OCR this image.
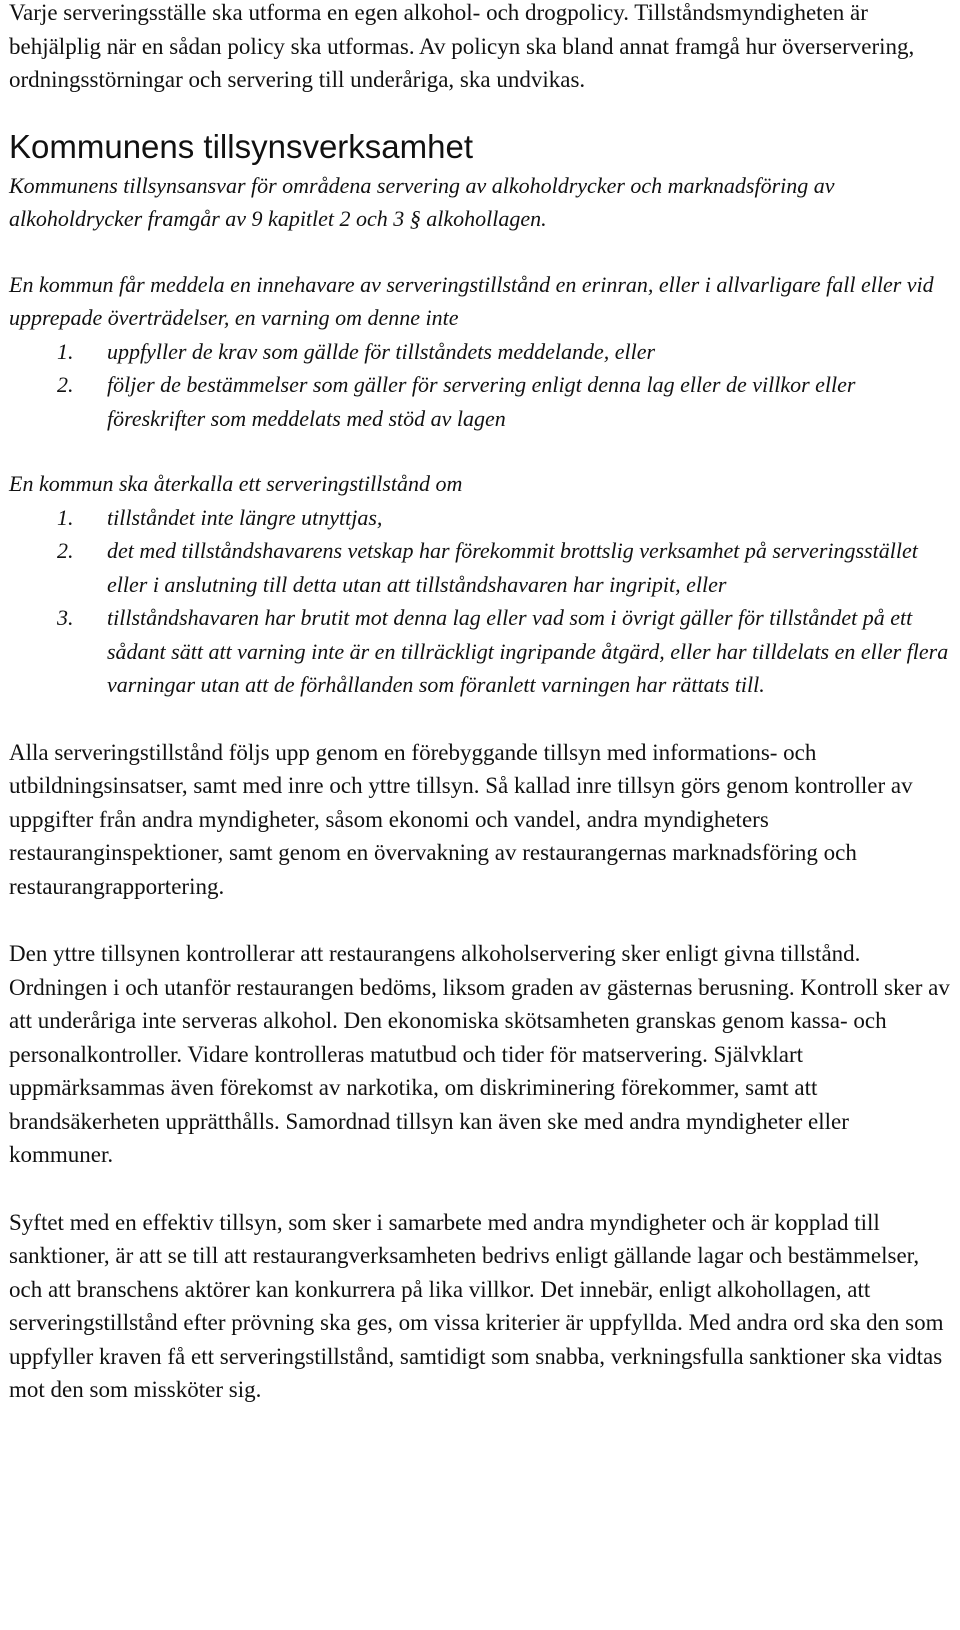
Varje serveringsställe ska utforma en egen alkohol- och drogpolicy. Tillståndsmyndigheten är behjälplig när en sådan policy ska utformas. Av policyn ska bland annat framgå hur överservering, ordningsstörningar och servering till underåriga, ska undvikas.

Kommunens tillsynsverksamhet

Kommunens tillsynsansvar för områdena servering av alkoholdrycker och marknadsföring av alkoholdrycker framgår av 9 kapitlet 2 och 3 § alkohollagen.

En kommun får meddela en innehavare av serveringstillstånd en erinran, eller i allvarligare fall eller vid upprepade överträdelser, en varning om denne inte

1. uppfyller de krav som gällde för tillståndets meddelande, eller
2. följer de bestämmelser som gäller för servering enligt denna lag eller de villkor eller föreskrifter som meddelats med stöd av lagen

En kommun ska återkalla ett serveringstillstånd om

1. tillståndet inte längre utnyttjas,
2. det med tillståndshavarens vetskap har förekommit brottslig verksamhet på serveringsstället eller i anslutning till detta utan att tillståndshavaren har ingripit, eller
3. tillståndshavaren har brutit mot denna lag eller vad som i övrigt gäller för tillståndet på ett sådant sätt att varning inte är en tillräckligt ingripande åtgärd, eller har tilldelats en eller flera varningar utan att de förhållanden som föranlett varningen har rättats till.

Alla serveringstillstånd följs upp genom en förebyggande tillsyn med informations- och utbildningsinsatser, samt med inre och yttre tillsyn. Så kallad inre tillsyn görs genom kontroller av uppgifter från andra myndigheter, såsom ekonomi och vandel, andra myndigheters restauranginspektioner, samt genom en övervakning av restaurangernas marknadsföring och restaurangrapportering.

Den yttre tillsynen kontrollerar att restaurangens alkoholservering sker enligt givna tillstånd. Ordningen i och utanför restaurangen bedöms, liksom graden av gästernas berusning. Kontroll sker av att underåriga inte serveras alkohol. Den ekonomiska skötsamheten granskas genom kassa- och personalkontroller. Vidare kontrolleras matutbud och tider för matservering. Självklart uppmärksammas även förekomst av narkotika, om diskriminering förekommer, samt att brandsäkerheten upprätthålls. Samordnad tillsyn kan även ske med andra myndigheter eller kommuner.

Syftet med en effektiv tillsyn, som sker i samarbete med andra myndigheter och är kopplad till sanktioner, är att se till att restaurangverksamheten bedrivs enligt gällande lagar och bestämmelser, och att branschens aktörer kan konkurrera på lika villkor. Det innebär, enligt alkohollagen, att serveringstillstånd efter prövning ska ges, om vissa kriterier är uppfyllda. Med andra ord ska den som uppfyller kraven få ett serveringstillstånd, samtidigt som snabba, verkningsfulla sanktioner ska vidtas mot den som missköter sig.
